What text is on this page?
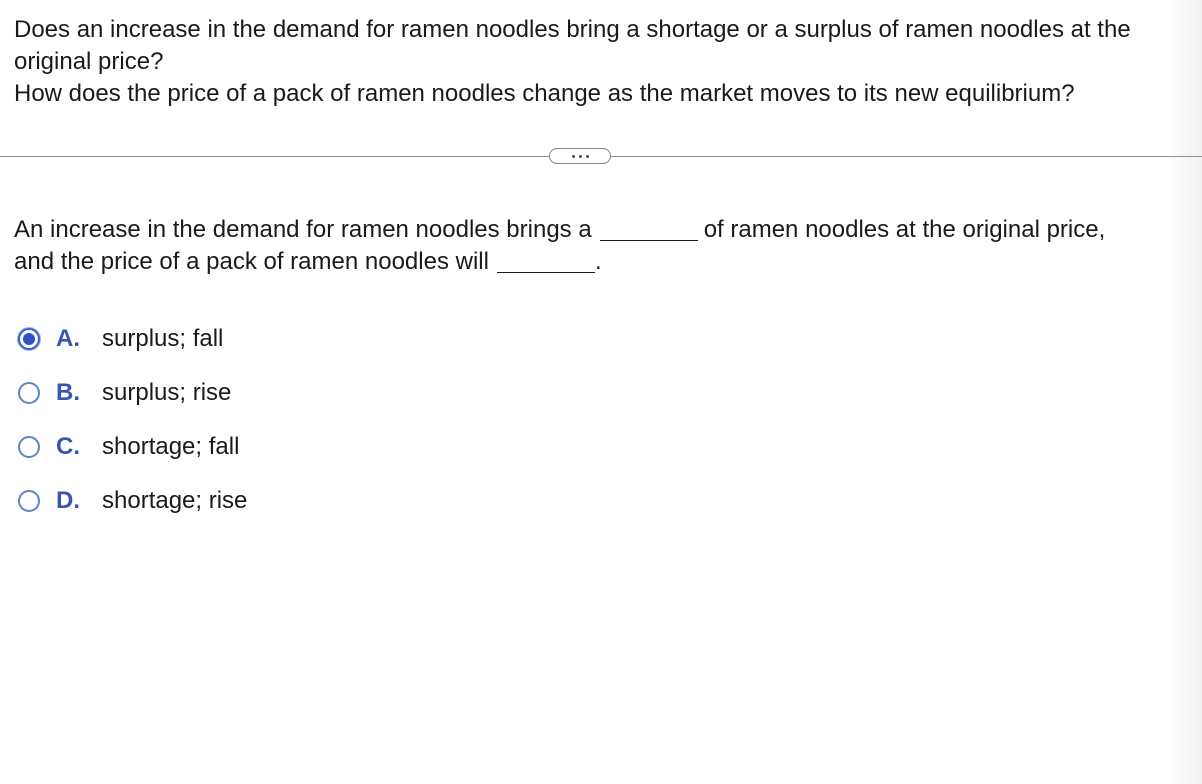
Does an increase in the demand for ramen noodles bring a shortage or a surplus of ramen noodles at the original price?

How does the price of a pack of ramen noodles change as the market moves to its new equilibrium?

An increase in the demand for ramen noodles brings a	of ramen noodles at the original price,
and the price of a pack of ramen noodles will	.
A. surplus; fall
B. surplus; rise
C. shortage; fall
D. shortage; rise
